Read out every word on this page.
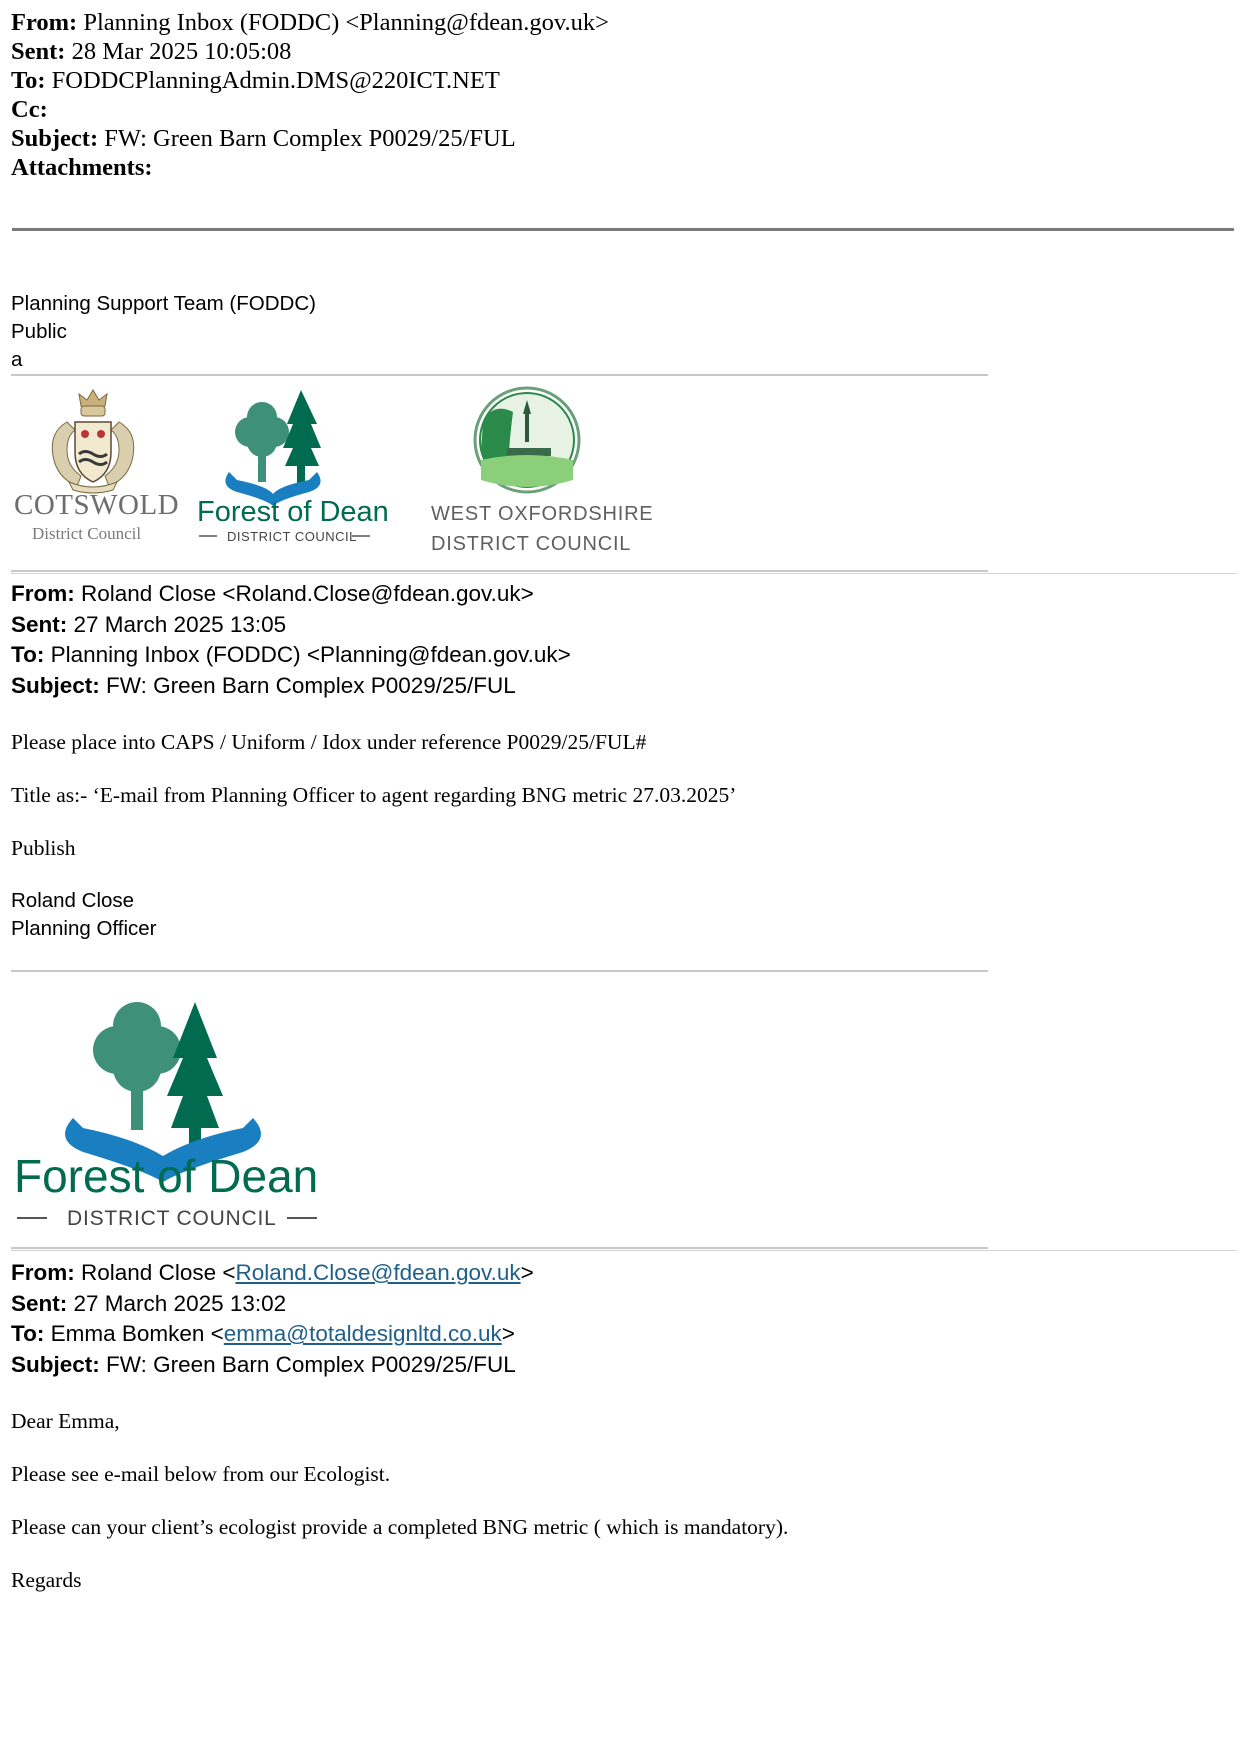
From: Planning Inbox (FODDC) <Planning@fdean.gov.uk>
Sent: 28 Mar 2025 10:05:08
To: FODDCPlanningAdmin.DMS@220ICT.NET
Cc:
Subject: FW: Green Barn Complex P0029/25/FUL
Attachments:
Planning Support Team (FODDC)
Public
a
COTSWOLD
District Council
Forest of Dean
DISTRICT COUNCIL
WEST OXFORDSHIRE
DISTRICT COUNCIL
From: Roland Close <Roland.Close@fdean.gov.uk>
Sent: 27 March 2025 13:05
To: Planning Inbox (FODDC) <Planning@fdean.gov.uk>
Subject: FW: Green Barn Complex P0029/25/FUL
Please place into CAPS / Uniform / Idox under reference P0029/25/FUL#
Title as:- ‘E-mail from Planning Officer to agent regarding BNG metric 27.03.2025’
Publish
Roland Close
Planning Officer
Forest of Dean
DISTRICT COUNCIL
From: Roland Close <Roland.Close@fdean.gov.uk>
Sent: 27 March 2025 13:02
To: Emma Bomken <emma@totaldesignltd.co.uk>
Subject: FW: Green Barn Complex P0029/25/FUL
Dear Emma,
Please see e-mail below from our Ecologist.
Please can your client’s ecologist provide a completed BNG metric ( which is mandatory).
Regards
